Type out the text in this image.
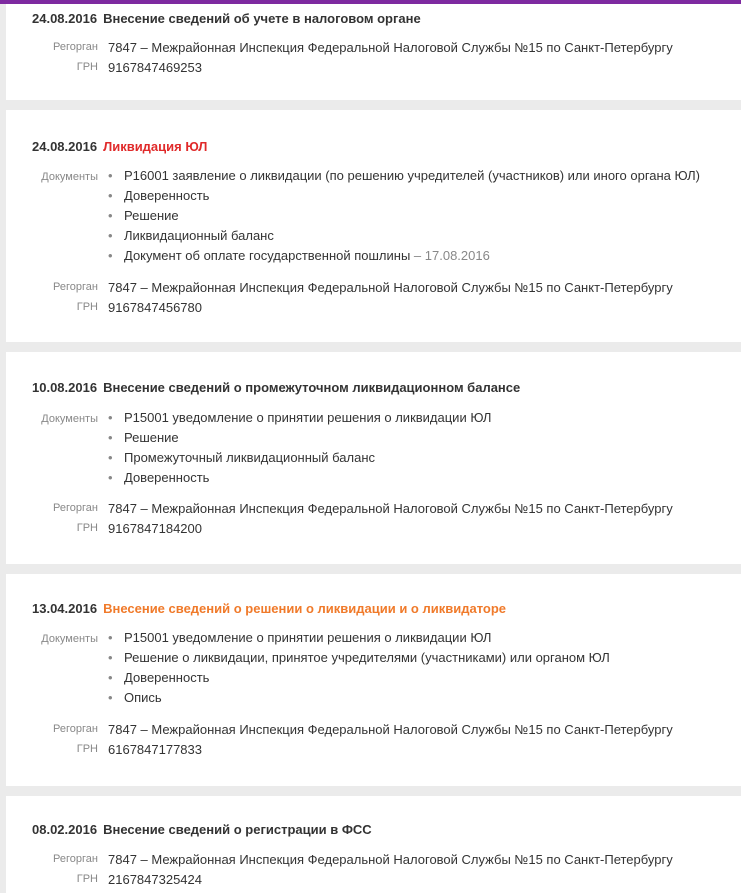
24.08.2016 Внесение сведений об учете в налоговом органе
Регорган 7847 – Межрайонная Инспекция Федеральной Налоговой Службы №15 по Санкт-Петербургу
ГРН 9167847469253
24.08.2016 Ликвидация ЮЛ
Документы • Р16001 заявление о ликвидации (по решению учредителей (участников) или иного органа ЮЛ)
• Доверенность
• Решение
• Ликвидационный баланс
• Документ об оплате государственной пошлины – 17.08.2016
Регорган 7847 – Межрайонная Инспекция Федеральной Налоговой Службы №15 по Санкт-Петербургу
ГРН 9167847456780
10.08.2016 Внесение сведений о промежуточном ликвидационном балансе
Документы • Р15001 уведомление о принятии решения о ликвидации ЮЛ
• Решение
• Промежуточный ликвидационный баланс
• Доверенность
Регорган 7847 – Межрайонная Инспекция Федеральной Налоговой Службы №15 по Санкт-Петербургу
ГРН 9167847184200
13.04.2016 Внесение сведений о решении о ликвидации и о ликвидаторе
Документы • Р15001 уведомление о принятии решения о ликвидации ЮЛ
• Решение о ликвидации, принятое учредителями (участниками) или органом ЮЛ
• Доверенность
• Опись
Регорган 7847 – Межрайонная Инспекция Федеральной Налоговой Службы №15 по Санкт-Петербургу
ГРН 6167847177833
08.02.2016 Внесение сведений о регистрации в ФСС
Регорган 7847 – Межрайонная Инспекция Федеральной Налоговой Службы №15 по Санкт-Петербургу
ГРН 2167847325424
